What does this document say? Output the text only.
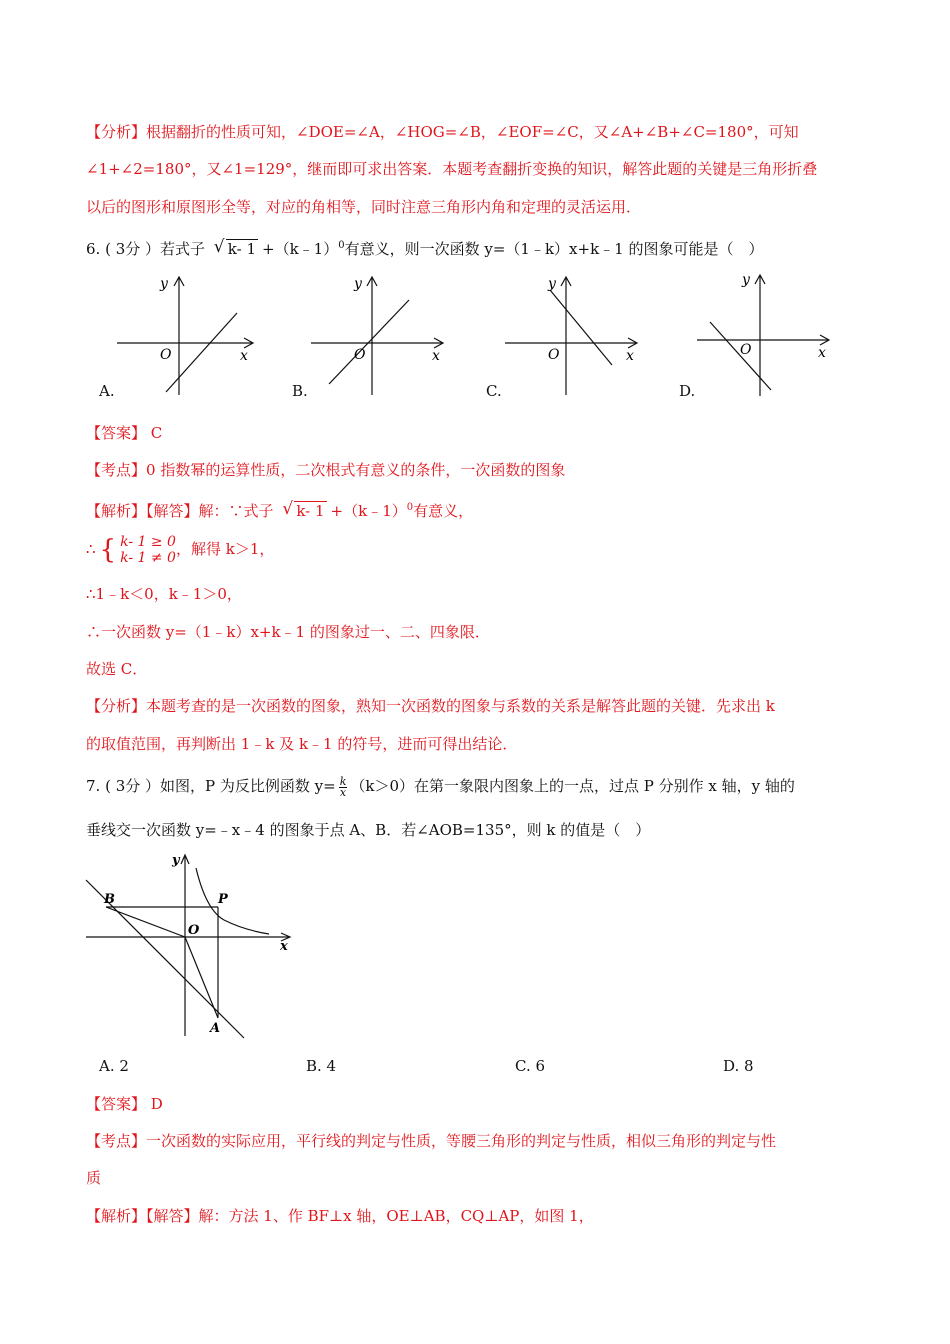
【分析】根据翻折的性质可知，∠DOE=∠A，∠HOG=∠B，∠EOF=∠C，又∠A+∠B+∠C=180°，可知
∠1+∠2=180°，又∠1=129°，继而即可求出答案．本题考查翻折变换的知识，解答此题的关键是三角形折叠
以后的图形和原图形全等，对应的角相等，同时注意三角形内角和定理的灵活运用．
6. ( 3分 ）若式子 √ k- 1 +（k﹣1）$^0$有意义，则一次函数 y=（1﹣k）x+k﹣1 的图象可能是（　）
y
x
O
A.
y
x
O
B.
y
x
O
C.
y
x
O
D.
【答案】 C
【考点】0 指数幂的运算性质，二次根式有意义的条件，一次函数的图象
【解析】【解答】解：∵式子 √ k- 1 +（k﹣1）$^0$有意义，
∴ { k- 1 ≥ 0
k- 1 ≠ 0 ，解得 k＞1，
∴1﹣k＜0，k﹣1＞0，
∴一次函数 y=（1﹣k）x+k﹣1 的图象过一、二、四象限．
故选 C．
【分析】本题考查的是一次函数的图象，熟知一次函数的图象与系数的关系是解答此题的关键．先求出 k
的取值范围，再判断出 1﹣k 及 k﹣1 的符号，进而可得出结论．
7. ( 3分 ）如图，P 为反比例函数 $y= \frac{k}{x} (k>0)$在第一象限内图象上的一点，过点 P 分别作 x 轴，y 轴的
垂线交一次函数 y=﹣x﹣4 的图象于点 A、B．若∠AOB=135°，则 k 的值是（　）
y
x
B	P
O
A
A. 2	B. 4	C. 6	D. 8
【答案】 D
【考点】一次函数的实际应用，平行线的判定与性质，等腰三角形的判定与性质，相似三角形的判定与性
质
【解析】【解答】解：方法 1、作 BF⊥x 轴，OE⊥AB，CQ⊥AP，如图 1，
